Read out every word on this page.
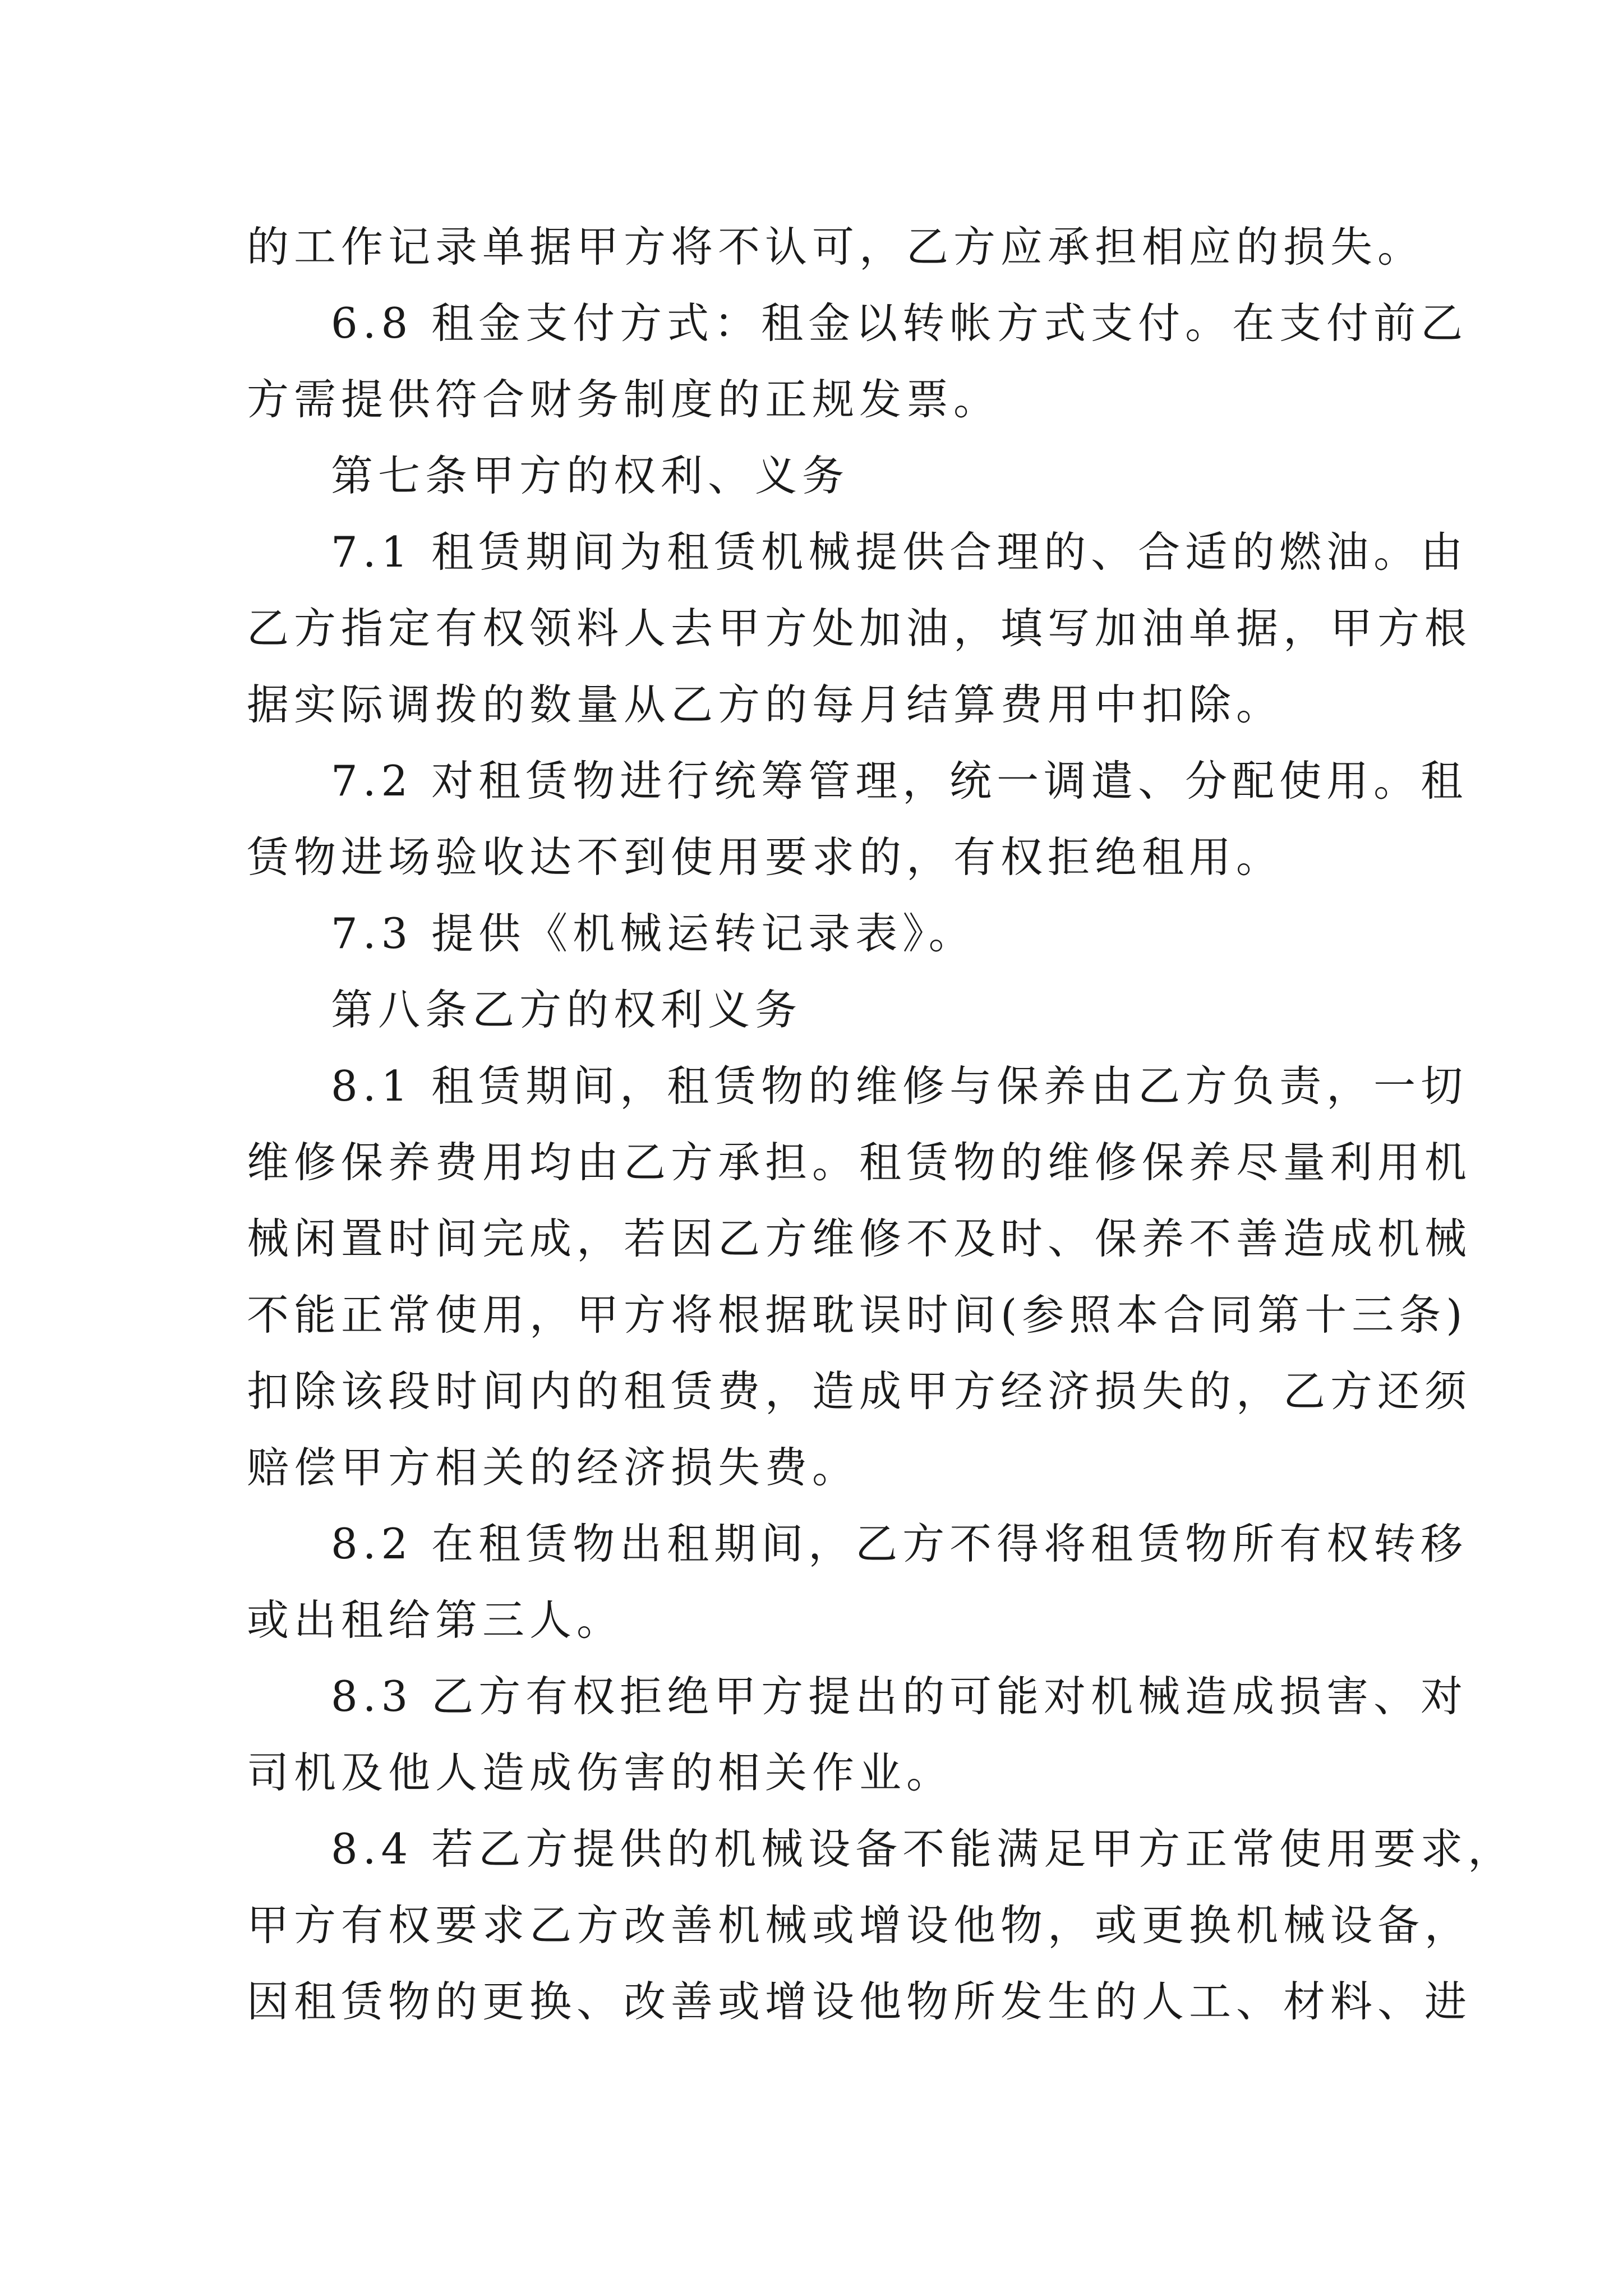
的工作记录单据甲方将不认可，乙方应承担相应的损失。
6.8 租金支付方式：租金以转帐方式支付。在支付前乙
方需提供符合财务制度的正规发票。
第七条甲方的权利、义务
7.1 租赁期间为租赁机械提供合理的、合适的燃油。由
乙方指定有权领料人去甲方处加油，填写加油单据，甲方根
据实际调拨的数量从乙方的每月结算费用中扣除。
7.2 对租赁物进行统筹管理，统一调遣、分配使用。租
赁物进场验收达不到使用要求的，有权拒绝租用。
7.3 提供《机械运转记录表》。
第八条乙方的权利义务
8.1 租赁期间，租赁物的维修与保养由乙方负责，一切
维修保养费用均由乙方承担。租赁物的维修保养尽量利用机
械闲置时间完成，若因乙方维修不及时、保养不善造成机械
不能正常使用，甲方将根据耽误时间(参照本合同第十三条)
扣除该段时间内的租赁费，造成甲方经济损失的，乙方还须
赔偿甲方相关的经济损失费。
8.2 在租赁物出租期间，乙方不得将租赁物所有权转移
或出租给第三人。
8.3 乙方有权拒绝甲方提出的可能对机械造成损害、对
司机及他人造成伤害的相关作业。
8.4 若乙方提供的机械设备不能满足甲方正常使用要求，
甲方有权要求乙方改善机械或增设他物，或更换机械设备，
因租赁物的更换、改善或增设他物所发生的人工、材料、进
